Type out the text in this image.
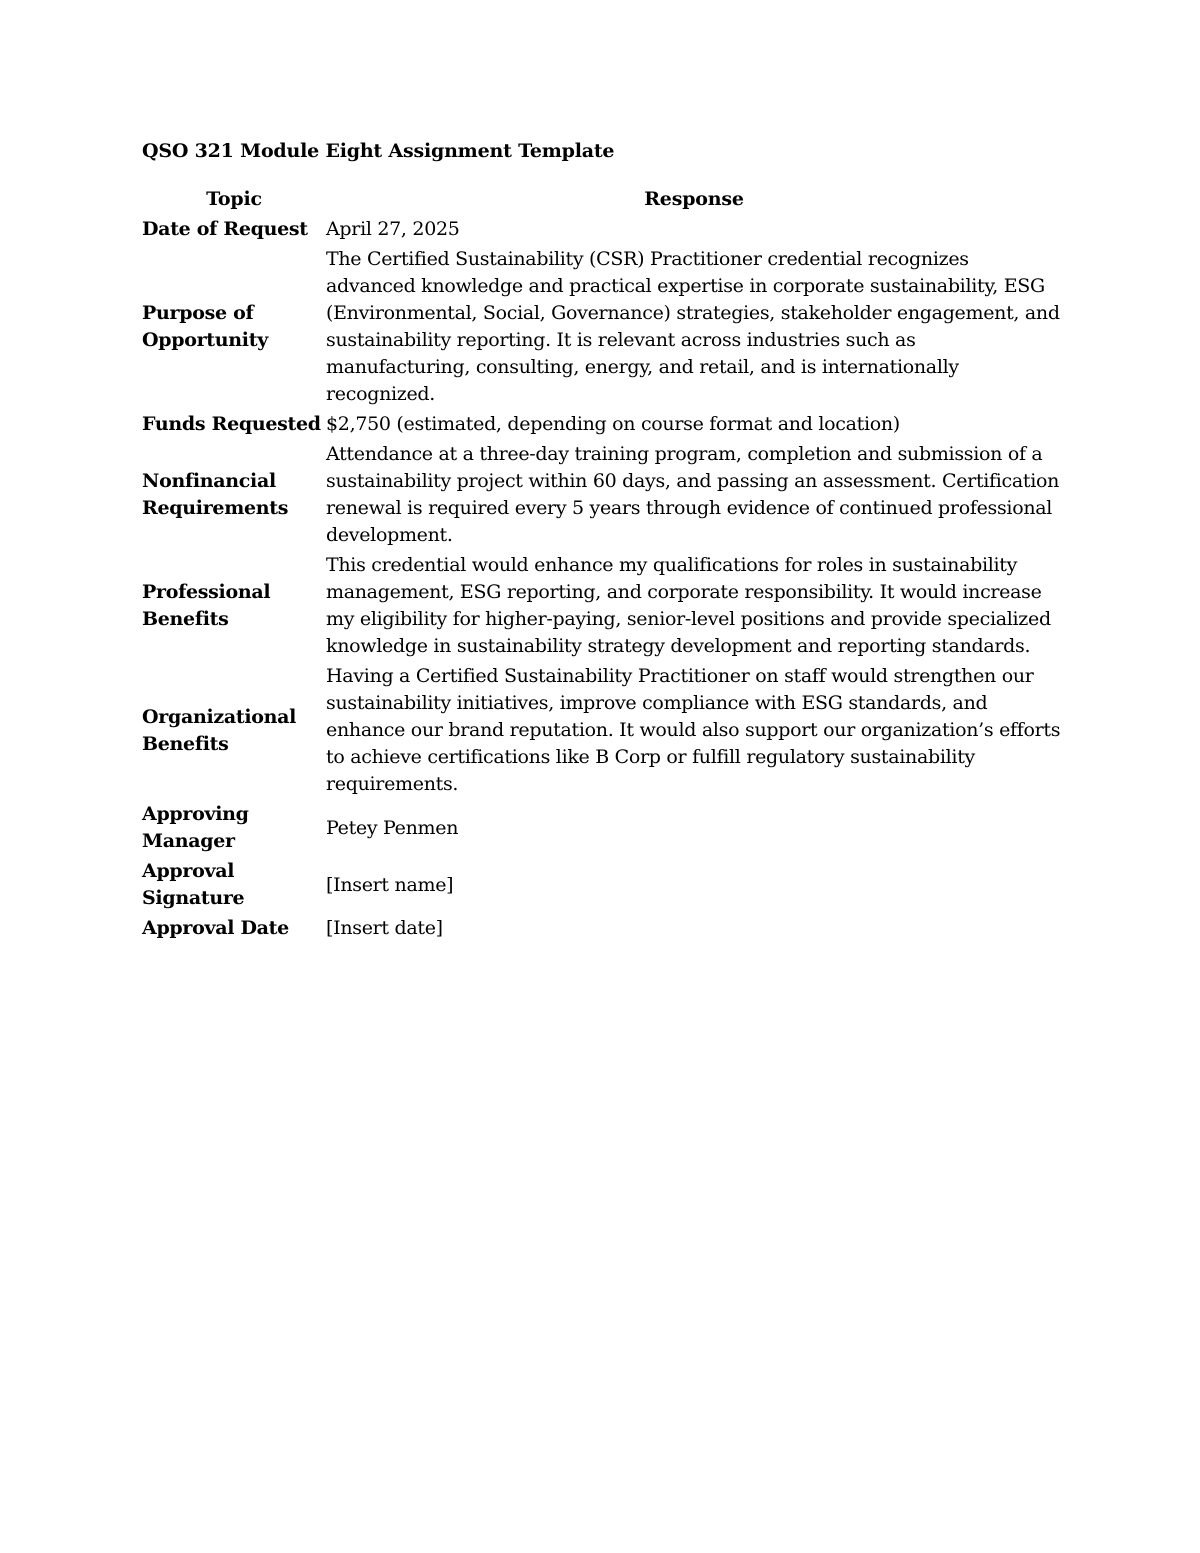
QSO 321 Module Eight Assignment Template
Topic	Response
Date of Request	April 27, 2025
Purpose of Opportunity	The Certified Sustainability (CSR) Practitioner credential recognizes advanced knowledge and practical expertise in corporate sustainability, ESG (Environmental, Social, Governance) strategies, stakeholder engagement, and sustainability reporting. It is relevant across industries such as manufacturing, consulting, energy, and retail, and is internationally recognized.
Funds Requested	$2,750 (estimated, depending on course format and location)
Nonfinancial Requirements	Attendance at a three-day training program, completion and submission of a sustainability project within 60 days, and passing an assessment. Certification renewal is required every 5 years through evidence of continued professional development.
Professional Benefits	This credential would enhance my qualifications for roles in sustainability management, ESG reporting, and corporate responsibility. It would increase my eligibility for higher-paying, senior-level positions and provide specialized knowledge in sustainability strategy development and reporting standards.
Organizational Benefits	Having a Certified Sustainability Practitioner on staff would strengthen our sustainability initiatives, improve compliance with ESG standards, and enhance our brand reputation. It would also support our organization’s efforts to achieve certifications like B Corp or fulfill regulatory sustainability requirements.
Approving Manager	Petey Penmen
Approval Signature	[Insert name]
Approval Date	[Insert date]
